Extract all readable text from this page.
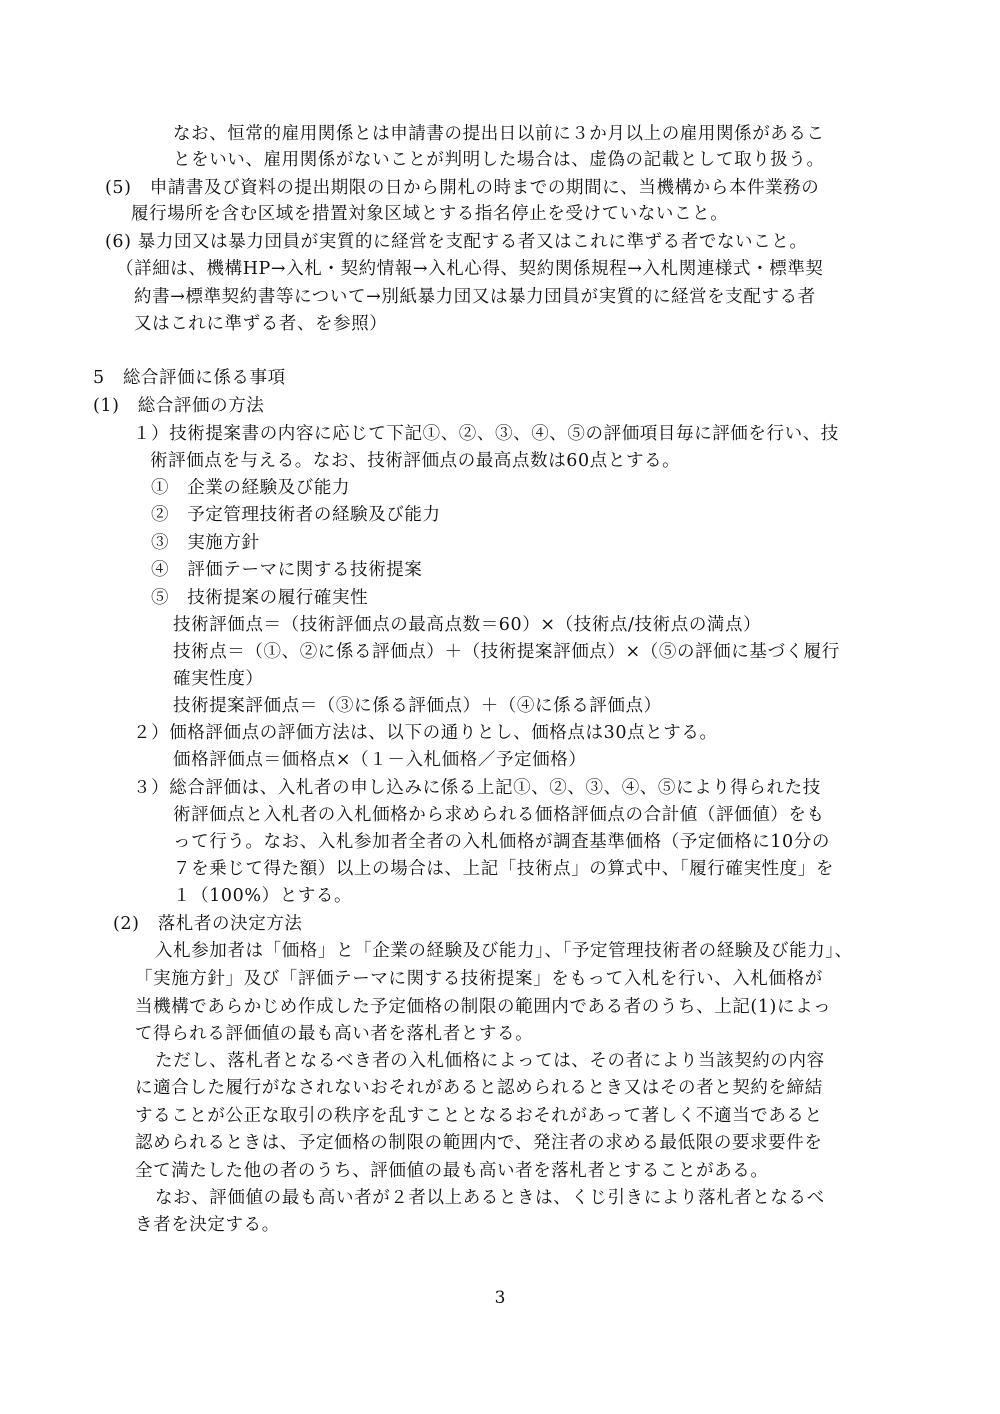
なお、恒常的雇用関係とは申請書の提出日以前に３か月以上の雇用関係があるこ
とをいい、雇用関係がないことが判明した場合は、虚偽の記載として取り扱う。
(5)　申請書及び資料の提出期限の日から開札の時までの期間に、当機構から本件業務の
履行場所を含む区域を措置対象区域とする指名停止を受けていないこと。
(6) 暴力団又は暴力団員が実質的に経営を支配する者又はこれに準ずる者でないこと。
（詳細は、機構HP→入札・契約情報→入札心得、契約関係規程→入札関連様式・標準契
約書→標準契約書等について→別紙暴力団又は暴力団員が実質的に経営を支配する者
又はこれに準ずる者、を参照）
5　総合評価に係る事項
(1)　総合評価の方法
１）技術提案書の内容に応じて下記①、②、③、④、⑤の評価項目毎に評価を行い、技
術評価点を与える。なお、技術評価点の最高点数は60点とする。
①　企業の経験及び能力
②　予定管理技術者の経験及び能力
③　実施方針
④　評価テーマに関する技術提案
⑤　技術提案の履行確実性
技術評価点＝（技術評価点の最高点数＝60）×（技術点/技術点の満点）
技術点＝（①、②に係る評価点）＋（技術提案評価点）×（⑤の評価に基づく履行
確実性度）
技術提案評価点＝（③に係る評価点）＋（④に係る評価点）
２）価格評価点の評価方法は、以下の通りとし、価格点は30点とする。
価格評価点＝価格点×（１－入札価格／予定価格）
３）総合評価は、入札者の申し込みに係る上記①、②、③、④、⑤により得られた技
術評価点と入札者の入札価格から求められる価格評価点の合計値（評価値）をも
って行う。なお、入札参加者全者の入札価格が調査基準価格（予定価格に10分の
７を乗じて得た額）以上の場合は、上記「技術点」の算式中、「履行確実性度」を
１（100%）とする。
(2)　落札者の決定方法
入札参加者は「価格」と「企業の経験及び能力」、「予定管理技術者の経験及び能力」、
「実施方針」及び「評価テーマに関する技術提案」をもって入札を行い、入札価格が
当機構であらかじめ作成した予定価格の制限の範囲内である者のうち、上記(1)によっ
て得られる評価値の最も高い者を落札者とする。
ただし、落札者となるべき者の入札価格によっては、その者により当該契約の内容
に適合した履行がなされないおそれがあると認められるとき又はその者と契約を締結
することが公正な取引の秩序を乱すこととなるおそれがあって著しく不適当であると
認められるときは、予定価格の制限の範囲内で、発注者の求める最低限の要求要件を
全て満たした他の者のうち、評価値の最も高い者を落札者とすることがある。
なお、評価値の最も高い者が２者以上あるときは、くじ引きにより落札者となるべ
き者を決定する。
3
